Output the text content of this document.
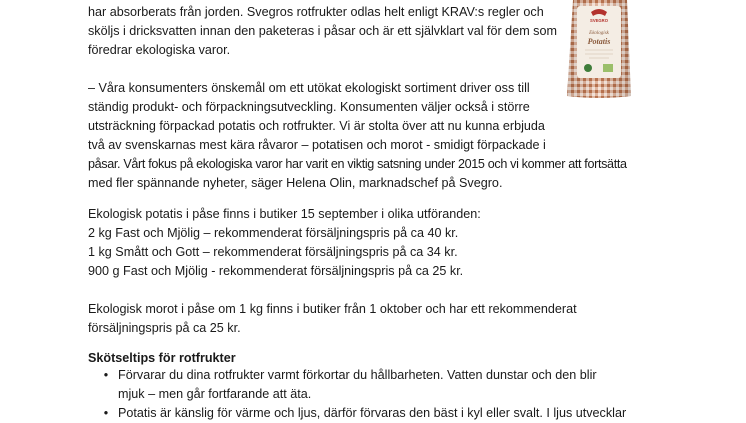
SVEGRO
Ekologisk
Potatis
har absorberats från jorden. Svegros rotfrukter odlas helt enligt KRAV:s regler och
sköljs i dricksvatten innan den paketeras i påsar och är ett självklart val för dem som
föredrar ekologiska varor.
– Våra konsumenters önskemål om ett utökat ekologiskt sortiment driver oss till
ständig produkt- och förpackningsutveckling. Konsumenten väljer också i större
utsträckning förpackad potatis och rotfrukter. Vi är stolta över att nu kunna erbjuda
två av svenskarnas mest kära råvaror – potatisen och morot - smidigt förpackade i
påsar. Vårt fokus på ekologiska varor har varit en viktig satsning under 2015 och vi kommer att fortsätta
med fler spännande nyheter, säger Helena Olin, marknadschef på Svegro.
Ekologisk potatis i påse finns i butiker 15 september i olika utföranden:
2 kg Fast och Mjölig – rekommenderat försäljningspris på ca 40 kr.
1 kg Smått och Gott – rekommenderat försäljningspris på ca 34 kr.
900 g Fast och Mjölig - rekommenderat försäljningspris på ca 25 kr.
Ekologisk morot i påse om 1 kg finns i butiker från 1 oktober och har ett rekommenderat
försäljningspris på ca 25 kr.
Skötseltips för rotfrukter
• Förvarar du dina rotfrukter varmt förkortar du hållbarheten. Vatten dunstar och den blir
mjuk – men går fortfarande att äta.
• Potatis är känslig för värme och ljus, därför förvaras den bäst i kyl eller svalt. I ljus utvecklar
